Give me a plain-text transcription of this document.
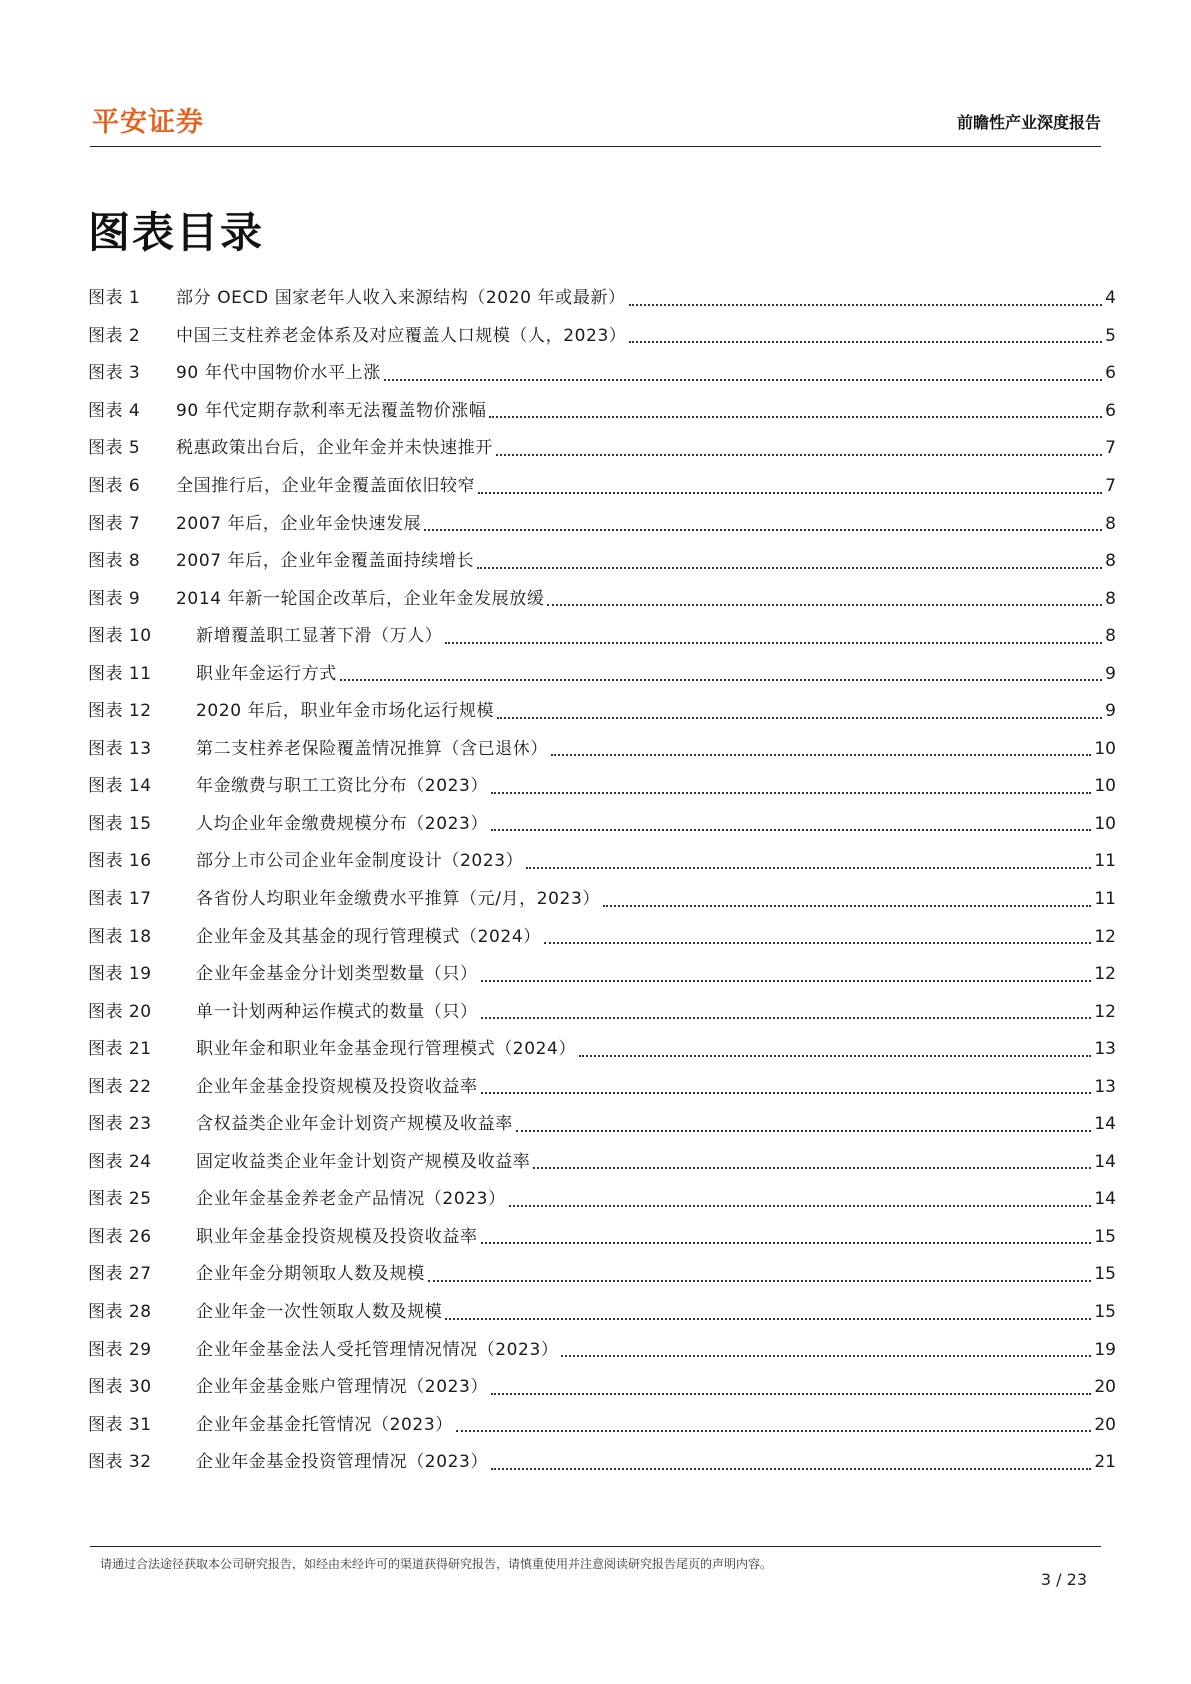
平安证券	前瞻性产业深度报告
图表目录
图表 1	部分 OECD 国家老年人收入来源结构（2020 年或最新）	4
图表 2	中国三支柱养老金体系及对应覆盖人口规模（人，2023）	5
图表 3	90 年代中国物价水平上涨	6
图表 4	90 年代定期存款利率无法覆盖物价涨幅	6
图表 5	税惠政策出台后，企业年金并未快速推开	7
图表 6	全国推行后，企业年金覆盖面依旧较窄	7
图表 7	2007 年后，企业年金快速发展	8
图表 8	2007 年后，企业年金覆盖面持续增长	8
图表 9	2014 年新一轮国企改革后，企业年金发展放缓	8
图表 10	新增覆盖职工显著下滑（万人）	8
图表 11	职业年金运行方式	9
图表 12	2020 年后，职业年金市场化运行规模	9
图表 13	第二支柱养老保险覆盖情况推算（含已退休）	10
图表 14	年金缴费与职工工资比分布（2023）	10
图表 15	人均企业年金缴费规模分布（2023）	10
图表 16	部分上市公司企业年金制度设计（2023）	11
图表 17	各省份人均职业年金缴费水平推算（元/月，2023）	11
图表 18	企业年金及其基金的现行管理模式（2024）	12
图表 19	企业年金基金分计划类型数量（只）	12
图表 20	单一计划两种运作模式的数量（只）	12
图表 21	职业年金和职业年金基金现行管理模式（2024）	13
图表 22	企业年金基金投资规模及投资收益率	13
图表 23	含权益类企业年金计划资产规模及收益率	14
图表 24	固定收益类企业年金计划资产规模及收益率	14
图表 25	企业年金基金养老金产品情况（2023）	14
图表 26	职业年金基金投资规模及投资收益率	15
图表 27	企业年金分期领取人数及规模	15
图表 28	企业年金一次性领取人数及规模	15
图表 29	企业年金基金法人受托管理情况情况（2023）	19
图表 30	企业年金基金账户管理情况（2023）	20
图表 31	企业年金基金托管情况（2023）	20
图表 32	企业年金基金投资管理情况（2023）	21
请通过合法途径获取本公司研究报告，如经由未经许可的渠道获得研究报告，请慎重使用并注意阅读研究报告尾页的声明内容。
3 / 23
